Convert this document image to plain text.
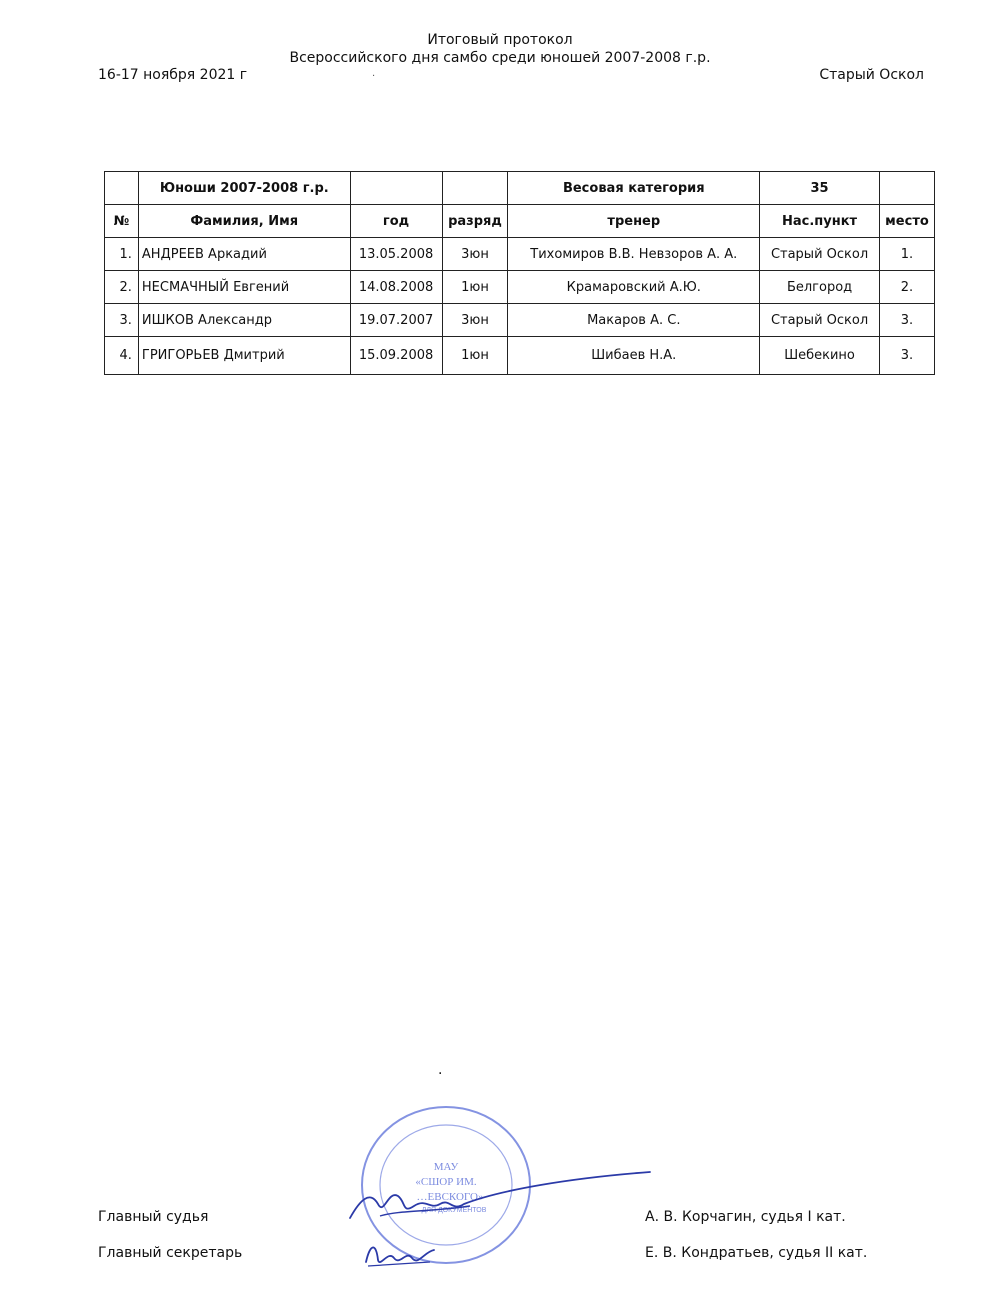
Итоговый протокол
Всероссийского дня самбо среди юношей 2007-2008 г.р.
16-17 ноября 2021 г	Старый Оскол
.
	Юноши 2007-2008 г.р.			Весовая категория	35	
№	Фамилия, Имя	год	разряд	тренер	Нас.пункт	место
1.	АНДРЕЕВ Аркадий	13.05.2008	3юн	Тихомиров В.В. Невзоров А. А.	Старый Оскол	1.
2.	НЕСМАЧНЫЙ Евгений	14.08.2008	1юн	Крамаровский А.Ю.	Белгород	2.
3.	ИШКОВ Александр	19.07.2007	3юн	Макаров А. С.	Старый Оскол	3.
4.	ГРИГОРЬЕВ Дмитрий	15.09.2008	1юн	Шибаев Н.А.	Шебекино	3.
.
МАУ
«СШОР ИМ.
…ЕВСКОГО»
ДЛЯ ДОКУМЕНТОВ
Главный судья
Главный секретарь
А. В. Корчагин, судья I кат.
Е. В. Кондратьев, судья II кат.
